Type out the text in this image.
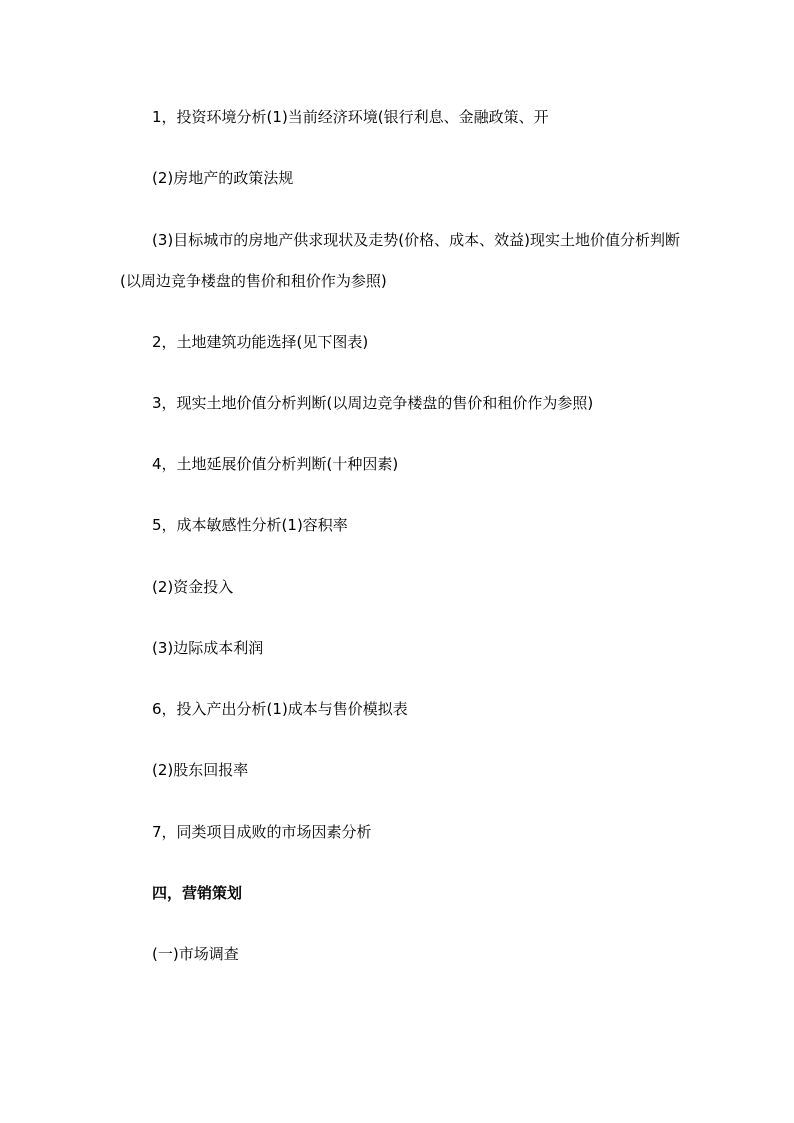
1，投资环境分析(1)当前经济环境(银行利息、金融政策、开
(2)房地产的政策法规
(3)目标城市的房地产供求现状及走势(价格、成本、效益)现实土地价值分析判断(以周边竞争楼盘的售价和租价作为参照)
2，土地建筑功能选择(见下图表)
3，现实土地价值分析判断(以周边竞争楼盘的售价和租价作为参照)
4，土地延展价值分析判断(十种因素)
5，成本敏感性分析(1)容积率
(2)资金投入
(3)边际成本利润
6，投入产出分析(1)成本与售价模拟表
(2)股东回报率
7，同类项目成败的市场因素分析
四，营销策划
(一)市场调查
